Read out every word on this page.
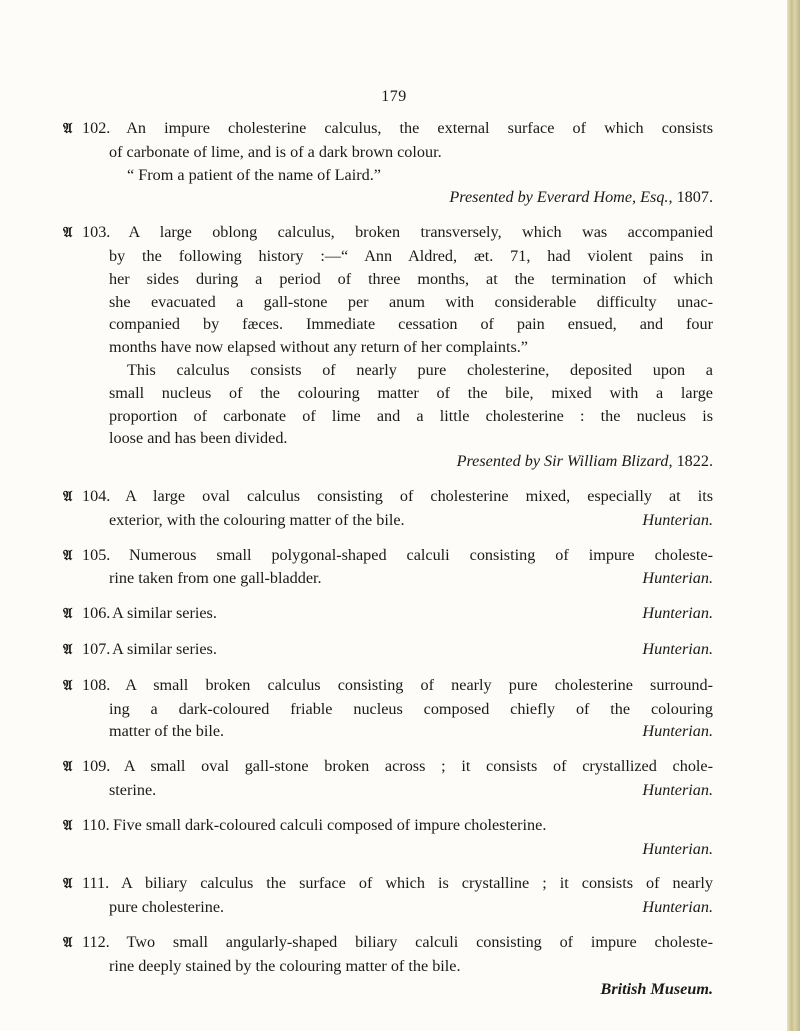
179
𝔄 102. An impure cholesterine calculus, the external surface of which consists
of carbonate of lime, and is of a dark brown colour.
“ From a patient of the name of Laird.”
Presented by Everard Home, Esq., 1807.
𝔄 103. A large oblong calculus, broken transversely, which was accompanied
by the following history :—“ Ann Aldred, æt. 71, had violent pains in
her sides during a period of three months, at the termination of which
she evacuated a gall-stone per anum with considerable difficulty unac-
companied by fæces. Immediate cessation of pain ensued, and four
months have now elapsed without any return of her complaints.”
This calculus consists of nearly pure cholesterine, deposited upon a
small nucleus of the colouring matter of the bile, mixed with a large
proportion of carbonate of lime and a little cholesterine : the nucleus is
loose and has been divided.
Presented by Sir William Blizard, 1822.
𝔄 104. A large oval calculus consisting of cholesterine mixed, especially at its
exterior, with the colouring matter of the bile.	Hunterian.
𝔄 105. Numerous small polygonal-shaped calculi consisting of impure choleste-
rine taken from one gall-bladder.	Hunterian.
𝔄 106. A similar series.	Hunterian.
𝔄 107. A similar series.	Hunterian.
𝔄 108. A small broken calculus consisting of nearly pure cholesterine surround-
ing a dark-coloured friable nucleus composed chiefly of the colouring
matter of the bile.	Hunterian.
𝔄 109. A small oval gall-stone broken across ; it consists of crystallized chole-
sterine.	Hunterian.
𝔄 110. Five small dark-coloured calculi composed of impure cholesterine.
Hunterian.
𝔄 111. A biliary calculus the surface of which is crystalline ; it consists of nearly
pure cholesterine.	Hunterian.
𝔄 112. Two small angularly-shaped biliary calculi consisting of impure choleste-
rine deeply stained by the colouring matter of the bile.
British Museum.
